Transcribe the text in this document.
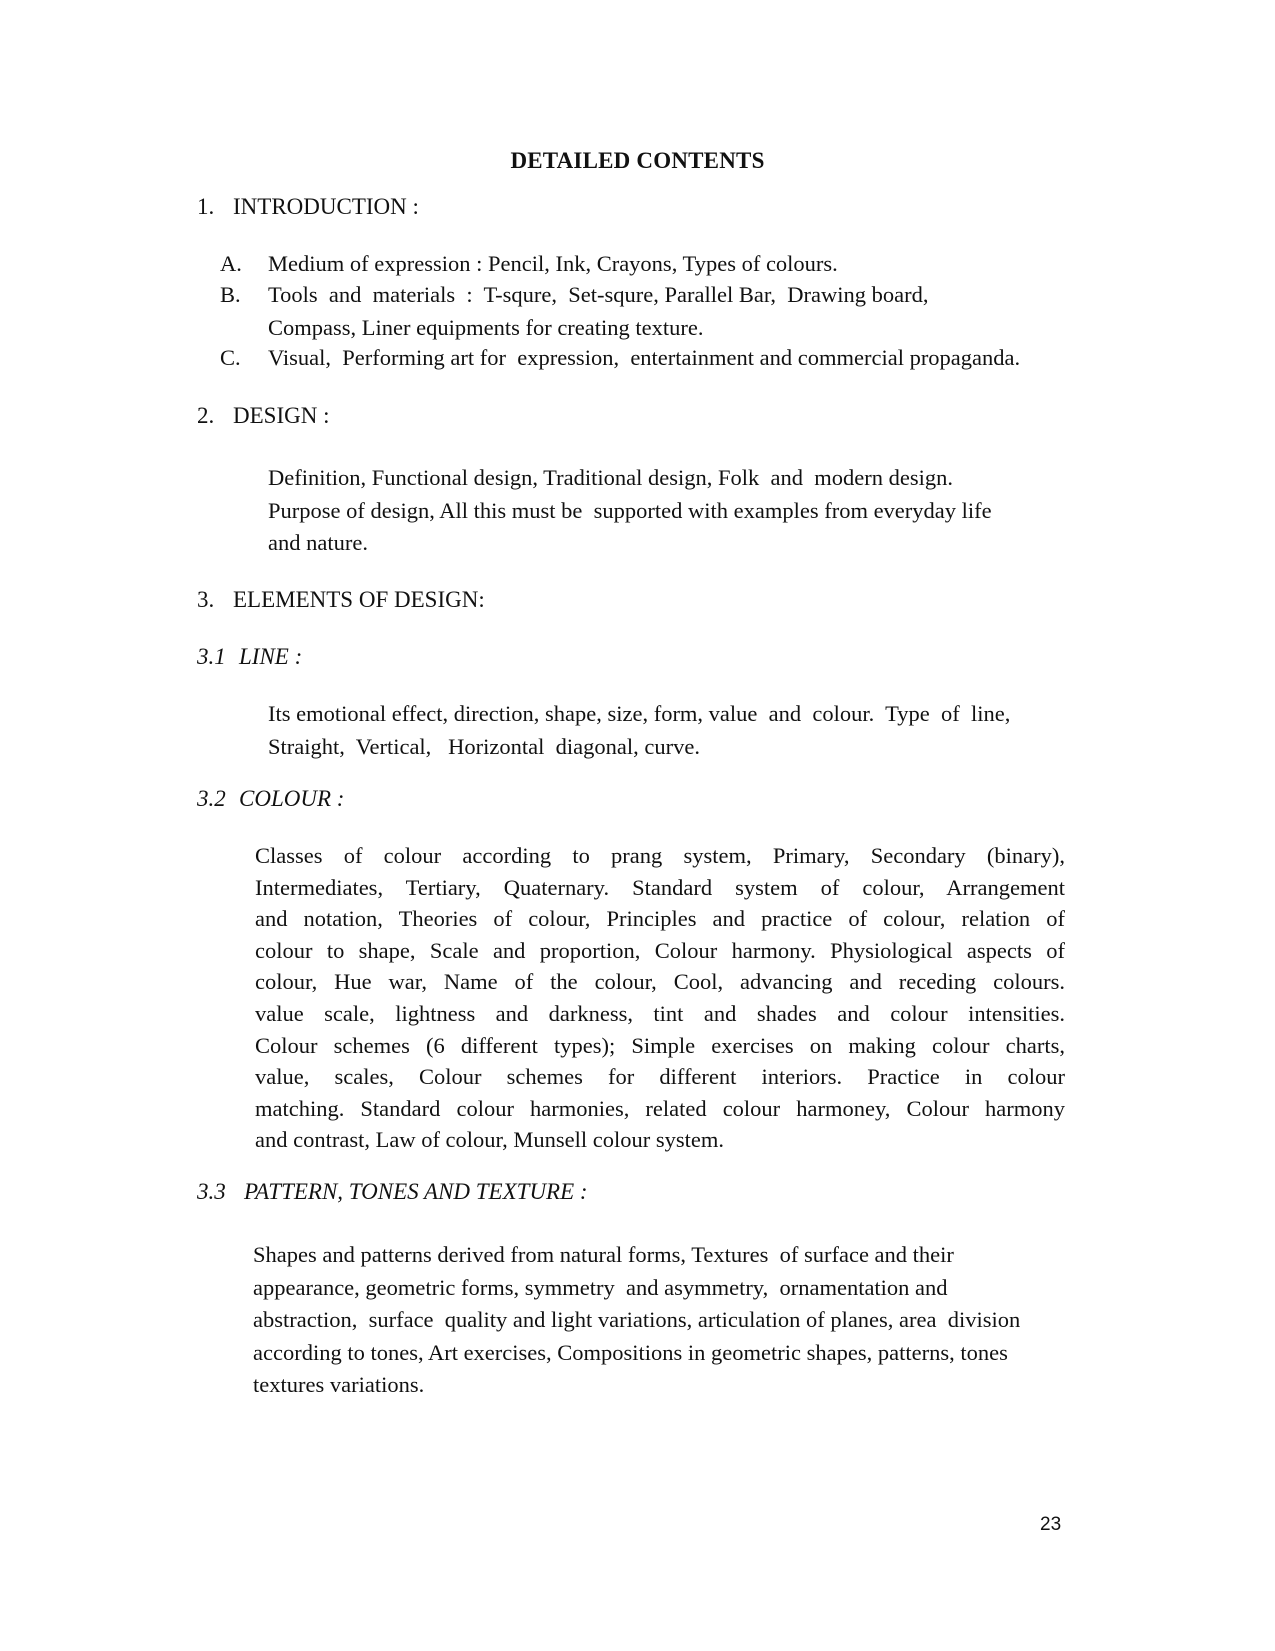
DETAILED CONTENTS
1. INTRODUCTION :
A. Medium of expression : Pencil, Ink, Crayons, Types of colours.
B. Tools  and  materials  :  T-squre,  Set-squre, Parallel Bar,  Drawing board,
Compass, Liner equipments for creating texture.
C. Visual,  Performing art for  expression,  entertainment and commercial propaganda.
2. DESIGN :
Definition, Functional design, Traditional design, Folk  and  modern design.
Purpose of design, All this must be  supported with examples from everyday life
and nature.
3. ELEMENTS OF DESIGN:
3.1 LINE :
Its emotional effect, direction, shape, size, form, value  and  colour.  Type  of  line,
Straight,  Vertical,   Horizontal  diagonal, curve.
3.2 COLOUR :
Classes of colour according to prang system, Primary, Secondary (binary),
Intermediates, Tertiary, Quaternary. Standard system of colour, Arrangement
and notation, Theories of colour, Principles and practice of colour, relation of
colour to shape, Scale and proportion, Colour harmony. Physiological aspects of
colour, Hue war, Name of the colour, Cool, advancing and receding colours.
value scale, lightness and darkness, tint and shades and colour intensities.
Colour schemes (6 different types); Simple exercises on making colour charts,
value, scales, Colour schemes for different interiors. Practice in colour
matching. Standard colour harmonies, related colour harmoney, Colour harmony
and contrast, Law of colour, Munsell colour system.
3.3 PATTERN, TONES AND TEXTURE :
Shapes and patterns derived from natural forms, Textures  of surface and their
appearance, geometric forms, symmetry  and asymmetry,  ornamentation and
abstraction,  surface  quality and light variations, articulation of planes, area  division
according to tones, Art exercises, Compositions in geometric shapes, patterns, tones
textures variations.
23
